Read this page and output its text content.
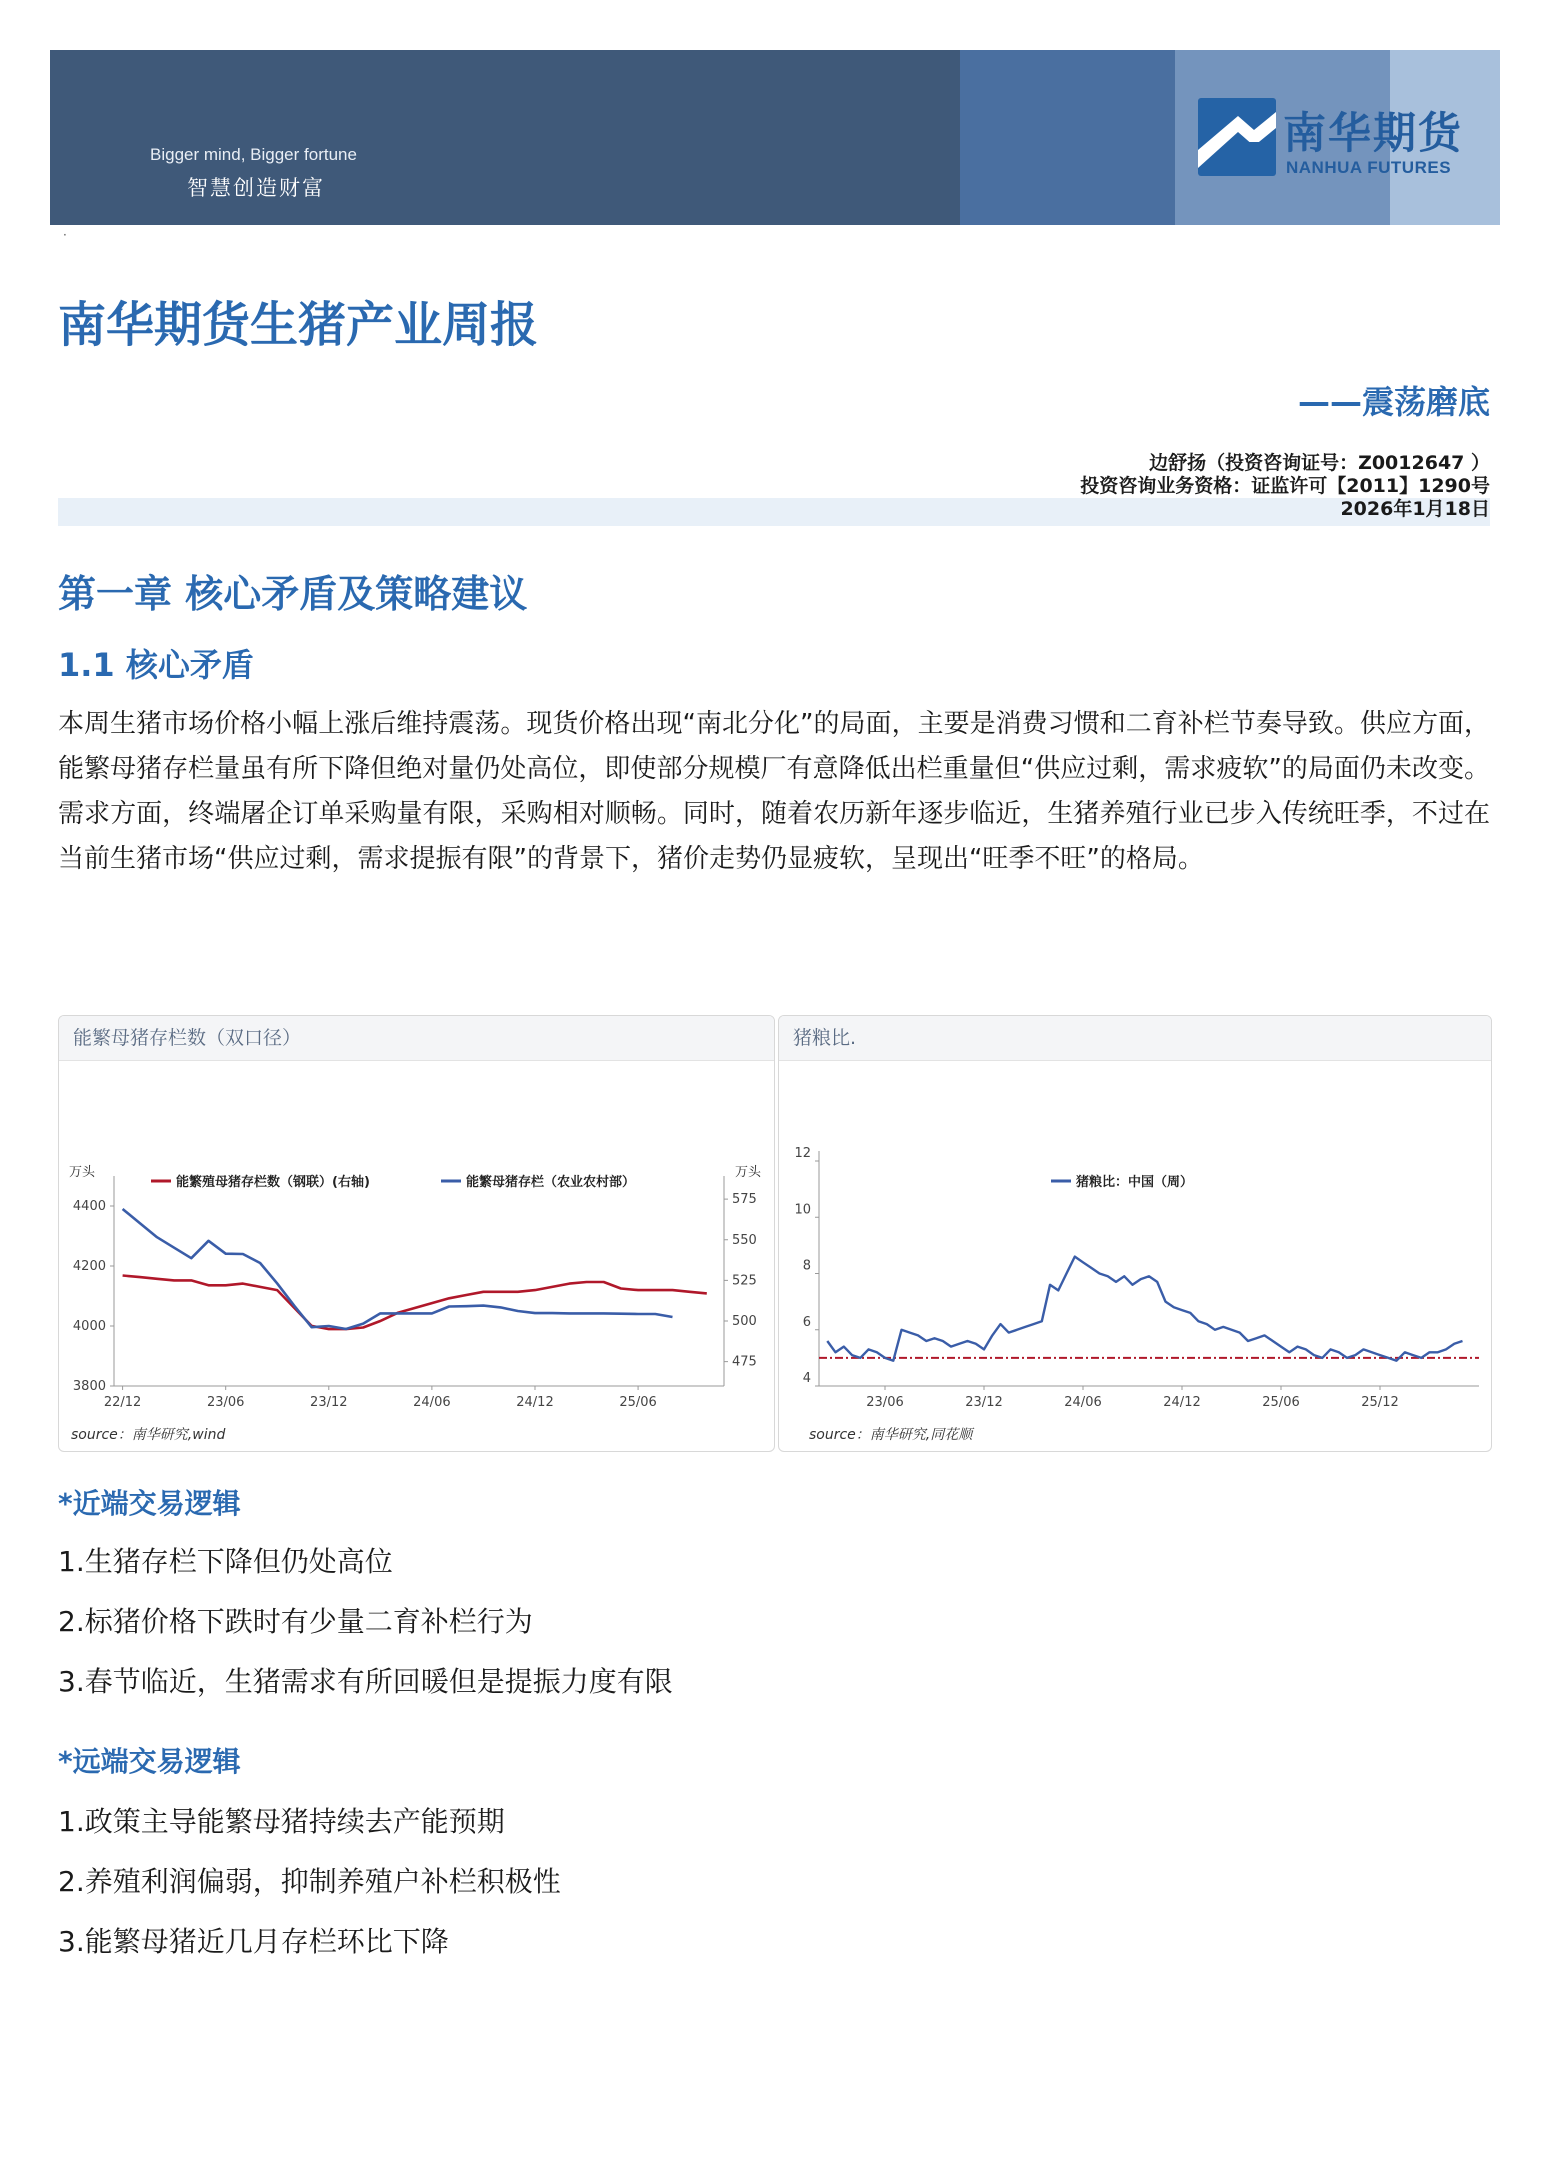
Bigger mind, Bigger fortune
智慧创造财富
南华期货
NANHUA FUTURES
·
南华期货生猪产业周报
——震荡磨底
边舒扬（投资咨询证号：Z0012647 ）
投资咨询业务资格：证监许可【2011】1290号
2026年1月18日
第一章 核心矛盾及策略建议
1.1 核心矛盾

本周生猪市场价格小幅上涨后维持震荡。现货价格出现“南北分化”的局面，主要是消费习惯和二育补栏节奏导致。供应方面，能繁母猪存栏量虽有所下降但绝对量仍处高位，即使部分规模厂有意降低出栏重量但“供应过剩，需求疲软”的局面仍未改变。需求方面，终端屠企订单采购量有限，采购相对顺畅。同时，随着农历新年逐步临近，生猪养殖行业已步入传统旺季，不过在当前生猪市场“供应过剩，需求提振有限”的背景下，猪价走势仍显疲软，呈现出“旺季不旺”的格局。

能繁母猪存栏数（双口径）
万头	万头
能繁殖母猪存栏数（钢联）(右轴)	能繁母猪存栏（农业农村部）
source：南华研究,wind
3800
4000
4200
4400
475
500
525
550
575
22/12	23/06	23/12	24/06	24/12	25/06
猪粮比.
猪粮比：中国（周）
source：南华研究,同花顺
4
6
8
10
12
23/06	23/12	24/06	24/12	25/06	25/12
*近端交易逻辑

1.生猪存栏下降但仍处高位

2.标猪价格下跌时有少量二育补栏行为

3.春节临近，生猪需求有所回暖但是提振力度有限

*远端交易逻辑

1.政策主导能繁母猪持续去产能预期

2.养殖利润偏弱，抑制养殖户补栏积极性

3.能繁母猪近几月存栏环比下降
